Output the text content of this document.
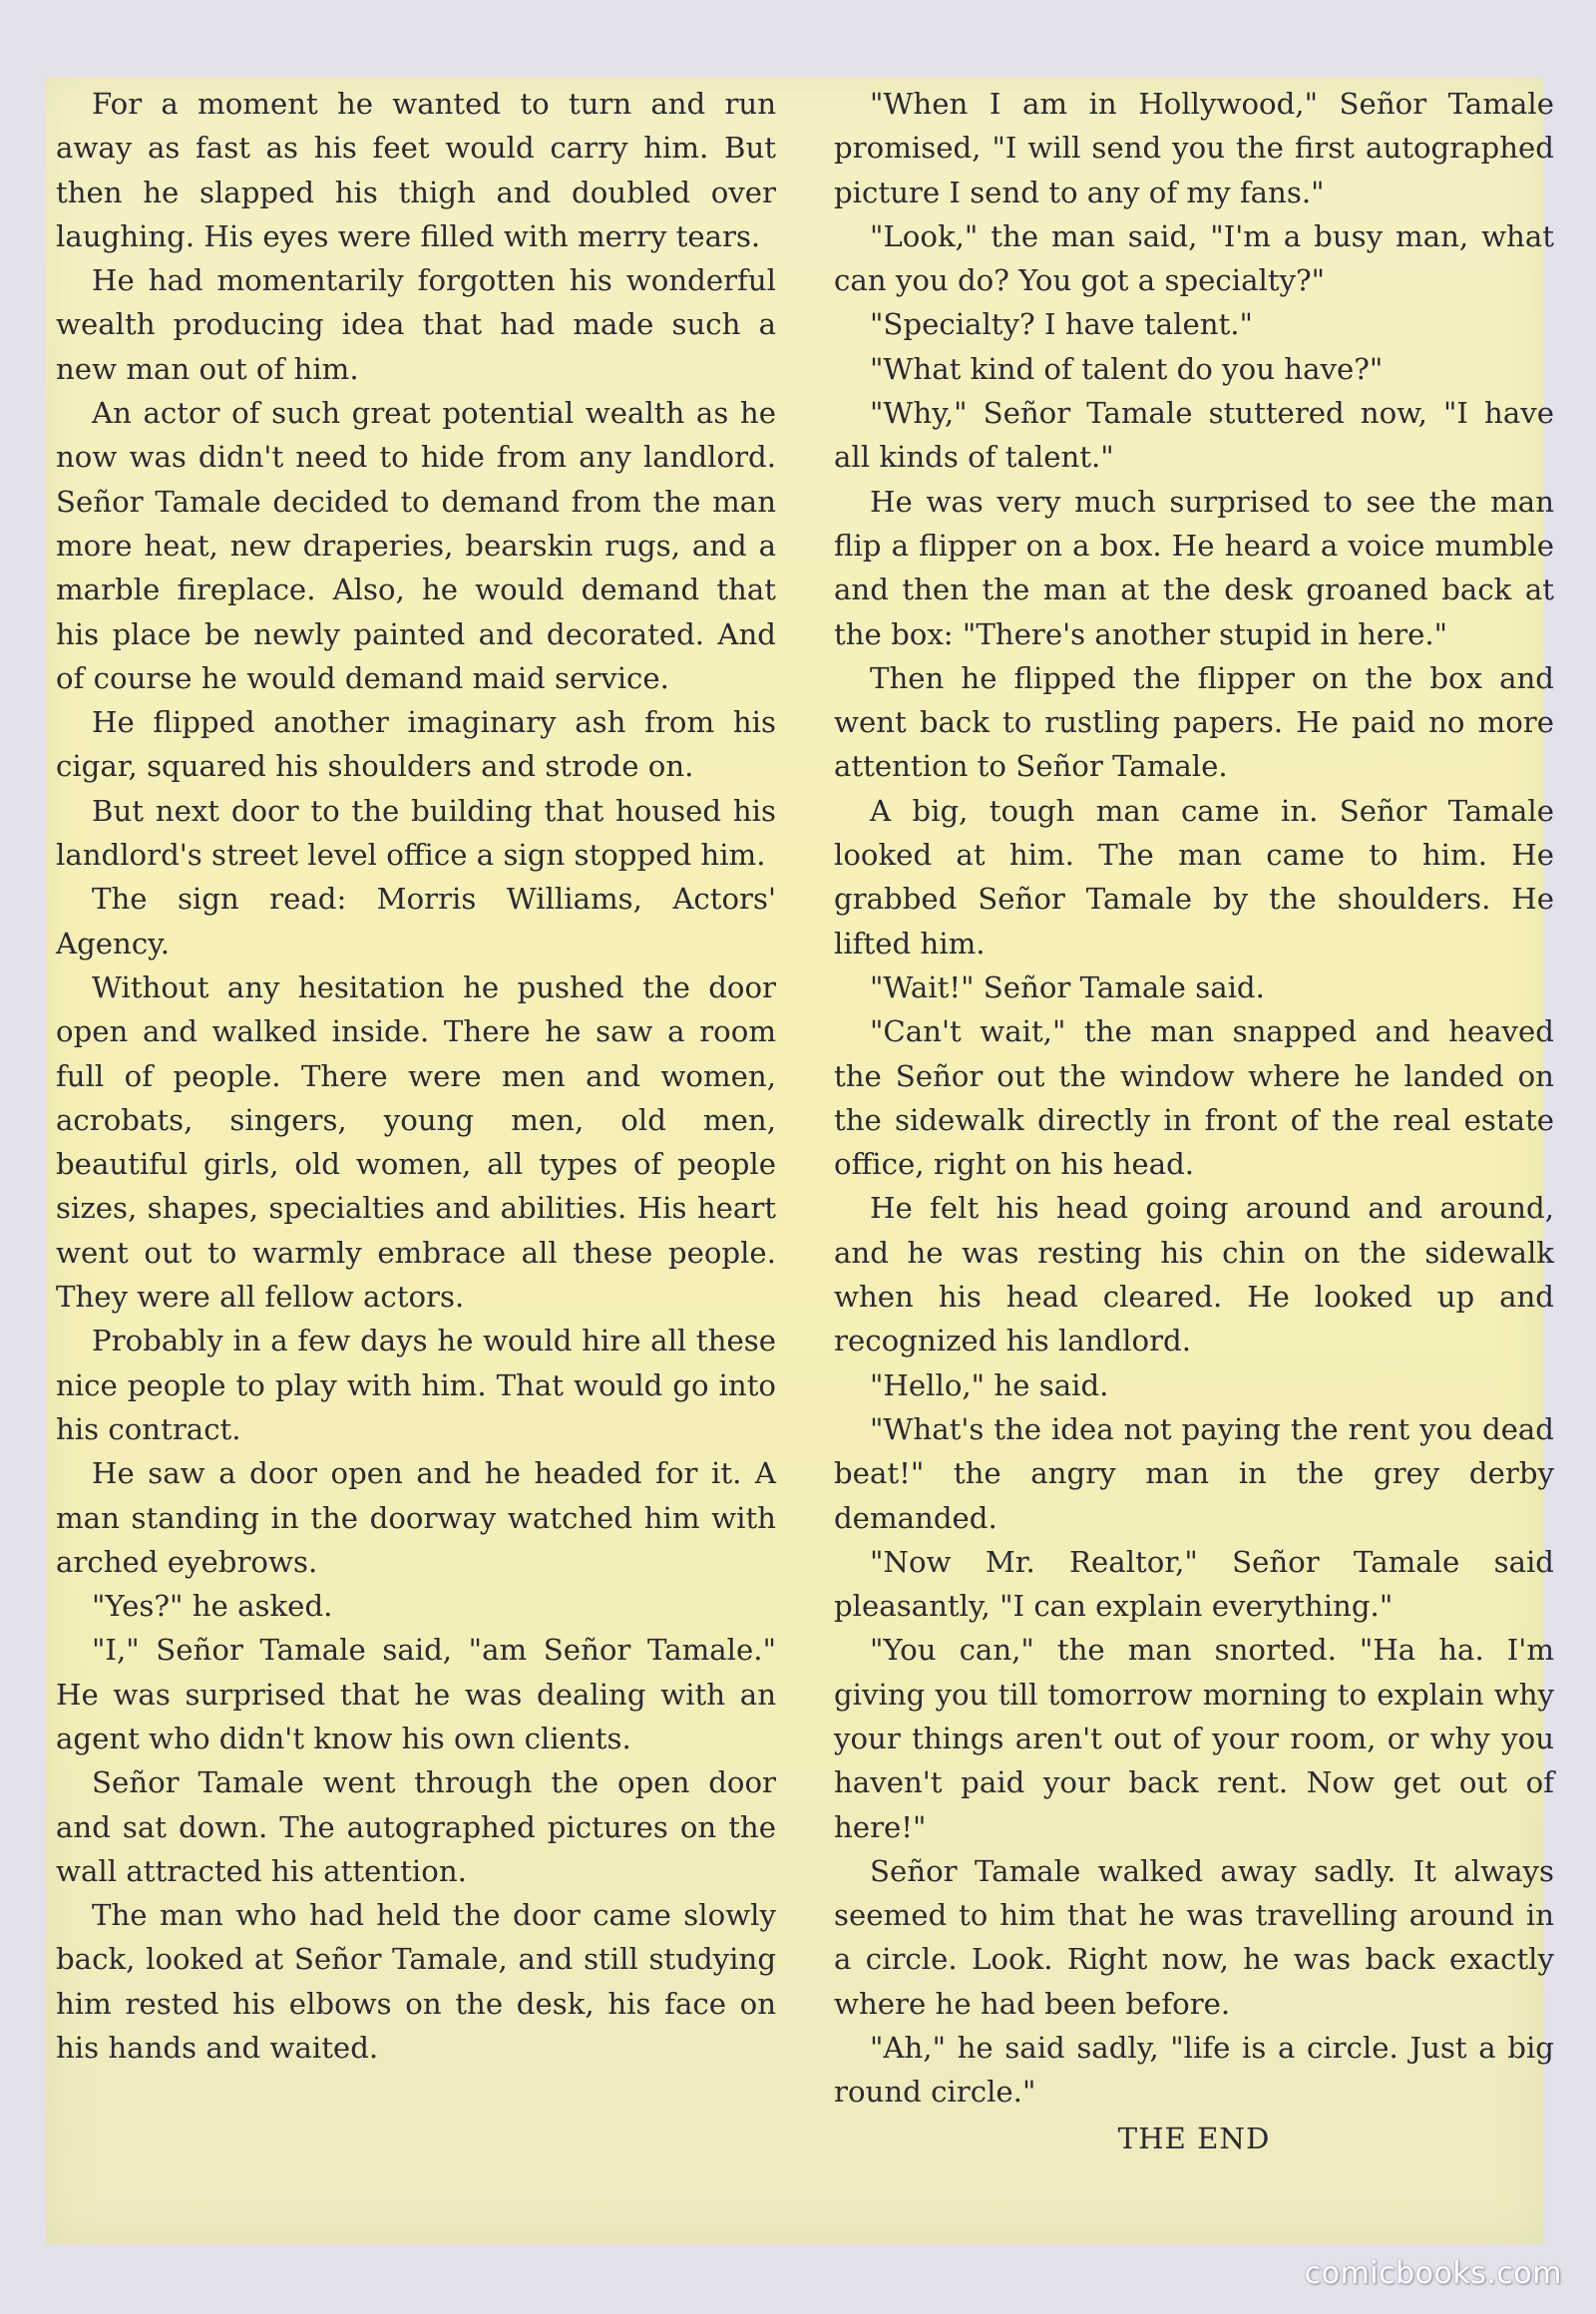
For a moment he wanted to turn and run away as fast as his feet would carry him. But then he slapped his thigh and doubled over laughing. His eyes were filled with merry tears.

He had momentarily forgotten his wonderful wealth producing idea that had made such a new man out of him.

An actor of such great potential wealth as he now was didn't need to hide from any landlord. Señor Tamale decided to demand from the man more heat, new draperies, bearskin rugs, and a marble fireplace. Also, he would demand that his place be newly painted and decorated. And of course he would demand maid service.

He flipped another imaginary ash from his cigar, squared his shoulders and strode on.

But next door to the building that housed his landlord's street level office a sign stopped him.

The sign read: Morris Williams, Actors' Agency.

Without any hesitation he pushed the door open and walked inside. There he saw a room full of people. There were men and women, acrobats, singers, young men, old men, beautiful girls, old women, all types of people sizes, shapes, specialties and abilities. His heart went out to warmly embrace all these people. They were all fellow actors.

Probably in a few days he would hire all these nice people to play with him. That would go into his contract.

He saw a door open and he headed for it. A man standing in the doorway watched him with arched eyebrows.

"Yes?" he asked.

"I," Señor Tamale said, "am Señor Tamale." He was surprised that he was dealing with an agent who didn't know his own clients.

Señor Tamale went through the open door and sat down. The autographed pictures on the wall attracted his attention.

The man who had held the door came slowly back, looked at Señor Tamale, and still studying him rested his elbows on the desk, his face on his hands and waited.

"When I am in Hollywood," Señor Tamale promised, "I will send you the first autographed picture I send to any of my fans."

"Look," the man said, "I'm a busy man, what can you do? You got a specialty?"

"Specialty? I have talent."

"What kind of talent do you have?"

"Why," Señor Tamale stuttered now, "I have all kinds of talent."

He was very much surprised to see the man flip a flipper on a box. He heard a voice mumble and then the man at the desk groaned back at the box: "There's another stupid in here."

Then he flipped the flipper on the box and went back to rustling papers. He paid no more attention to Señor Tamale.

A big, tough man came in. Señor Tamale looked at him. The man came to him. He grabbed Señor Tamale by the shoulders. He lifted him.

"Wait!" Señor Tamale said.

"Can't wait," the man snapped and heaved the Señor out the window where he landed on the sidewalk directly in front of the real estate office, right on his head.

He felt his head going around and around, and he was resting his chin on the sidewalk when his head cleared. He looked up and recognized his landlord.

"Hello," he said.

"What's the idea not paying the rent you dead beat!" the angry man in the grey derby demanded.

"Now Mr. Realtor," Señor Tamale said pleasantly, "I can explain everything."

"You can," the man snorted. "Ha ha. I'm giving you till tomorrow morning to explain why your things aren't out of your room, or why you haven't paid your back rent. Now get out of here!"

Señor Tamale walked away sadly. It always seemed to him that he was travelling around in a circle. Look. Right now, he was back exactly where he had been before.

"Ah," he said sadly, "life is a circle. Just a big round circle."

THE END

comicbooks.com
